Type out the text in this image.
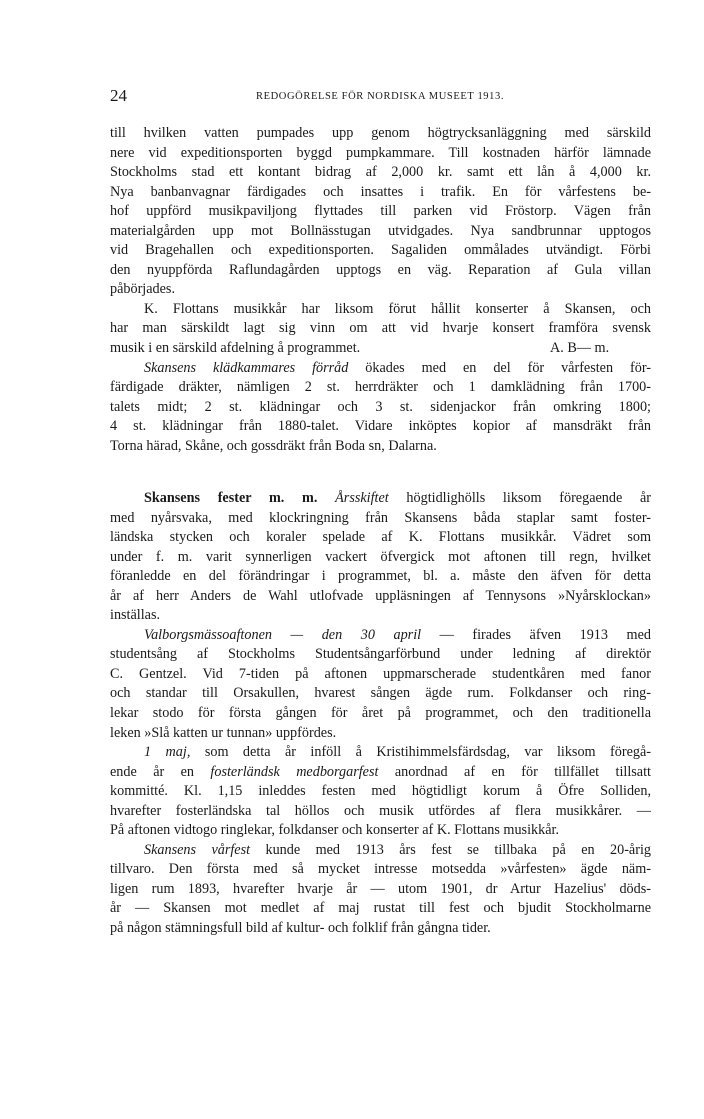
24	REDOGÖRELSE FÖR NORDISKA MUSEET 1913.
till hvilken vatten pumpades upp genom högtrycksanläggning med särskild
nere vid expeditionsporten byggd pumpkammare. Till kostnaden härför lämnade
Stockholms stad ett kontant bidrag af 2,000 kr. samt ett lån å 4,000 kr.
Nya banbanvagnar färdigades och insattes i trafik. En för vårfestens be-
hof uppförd musikpaviljong flyttades till parken vid Fröstorp. Vägen från
materialgården upp mot Bollnässtugan utvidgades. Nya sandbrunnar upptogos
vid Bragehallen och expeditionsporten. Sagaliden ommålades utvändigt. Förbi
den nyuppförda Raflundagården upptogs en väg. Reparation af Gula villan
påbörjades.
K. Flottans musikkår har liksom förut hållit konserter å Skansen, och
har man särskildt lagt sig vinn om att vid hvarje konsert framföra svensk
musik i en särskild afdelning å programmet.	A. B— m.
Skansens klädkammares förråd ökades med en del för vårfesten för-
färdigade dräkter, nämligen 2 st. herrdräkter och 1 damklädning från 1700-
talets midt; 2 st. klädningar och 3 st. sidenjackor från omkring 1800;
4 st. klädningar från 1880-talet. Vidare inköptes kopior af mansdräkt från
Torna härad, Skåne, och gossdräkt från Boda sn, Dalarna.
Skansens fester m. m. Årsskiftet högtidlighölls liksom föregaende år
med nyårsvaka, med klockringning från Skansens båda staplar samt foster-
ländska stycken och koraler spelade af K. Flottans musikkår. Vädret som
under f. m. varit synnerligen vackert öfvergick mot aftonen till regn, hvilket
föranledde en del förändringar i programmet, bl. a. måste den äfven för detta
år af herr Anders de Wahl utlofvade uppläsningen af Tennysons »Nyårsklockan»
inställas.
Valborgsmässoaftonen — den 30 april — firades äfven 1913 med
studentsång af Stockholms Studentsångarförbund under ledning af direktör
C. Gentzel. Vid 7-tiden på aftonen uppmarscherade studentkåren med fanor
och standar till Orsakullen, hvarest sången ägde rum. Folkdanser och ring-
lekar stodo för första gången för året på programmet, och den traditionella
leken »Slå katten ur tunnan» uppfördes.
1 maj, som detta år inföll å Kristihimmelsfärdsdag, var liksom föregå-
ende år en fosterländsk medborgarfest anordnad af en för tillfället tillsatt
kommitté. Kl. 1,15 inleddes festen med högtidligt korum å Öfre Solliden,
hvarefter fosterländska tal höllos och musik utfördes af flera musikkårer. —
På aftonen vidtogo ringlekar, folkdanser och konserter af K. Flottans musikkår.
Skansens vårfest kunde med 1913 års fest se tillbaka på en 20-årig
tillvaro. Den första med så mycket intresse motsedda »vårfesten» ägde näm-
ligen rum 1893, hvarefter hvarje år — utom 1901, dr Artur Hazelius' döds-
år — Skansen mot medlet af maj rustat till fest och bjudit Stockholmarne
på någon stämningsfull bild af kultur- och folklif från gångna tider.
